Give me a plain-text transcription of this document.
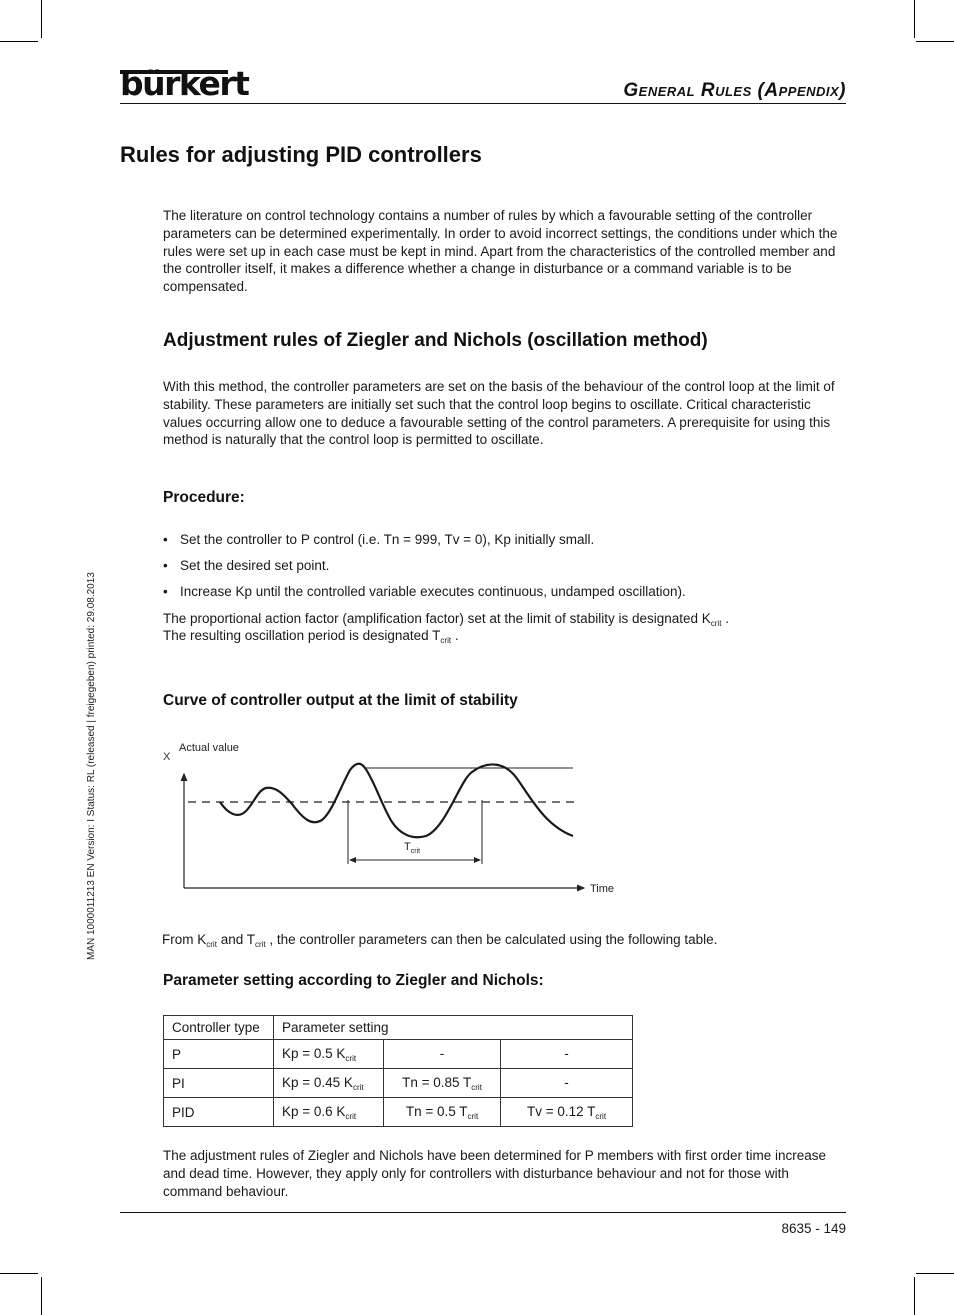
bürkert	General Rules (Appendix)
Rules for adjusting PID controllers
The literature on control technology contains a number of rules by which a favourable setting of the controller parameters can be determined experimentally. In order to avoid incorrect settings, the conditions under which the rules were set up in each case must be kept in mind. Apart from the characteristics of the controlled member and the controller itself, it makes a difference whether a change in disturbance or a command variable is to be compensated.
Adjustment rules of Ziegler and Nichols (oscillation method)
With this method, the controller parameters are set on the basis of the behaviour of the control loop at the limit of stability. These parameters are initially set such that the control loop begins to oscillate. Critical characteristic values occurring allow one to deduce a favourable setting of the control parameters. A prerequisite for using this method is naturally that the control loop is permitted to oscillate.
Procedure:
• Set the controller to P control (i.e. Tn = 999, Tv = 0), Kp initially small.
• Set the desired set point.
• Increase Kp until the controlled variable executes continuous, undamped oscillation).
The proportional action factor (amplification factor) set at the limit of stability is designated $K_{crit}$ .
The resulting oscillation period is designated $T_{crit}$ .
Curve of controller output at the limit of stability
X
Actual value
Time
$T_{crit}$
From $K_{crit}$ and $T_{crit}$ , the controller parameters can then be calculated using the following table.
Parameter setting according to Ziegler and Nichols:
Controller type	Parameter setting		
P	Kp = 0.5 $K_{crit}$	-	-
PI	Kp = 0.45 $K_{crit}$	Tn = 0.85 $T_{crit}$	-
PID	Kp = 0.6 $K_{crit}$	Tn = 0.5 $T_{crit}$	Tv = 0.12 $T_{crit}$
The adjustment rules of Ziegler and Nichols have been determined for P members with first order time increase and dead time. However, they apply only for controllers with disturbance behaviour and not for those with command behaviour.
MAN 1000011213 EN Version: I Status: RL (released | freigegeben) printed: 29.08.2013
8635 - 149
